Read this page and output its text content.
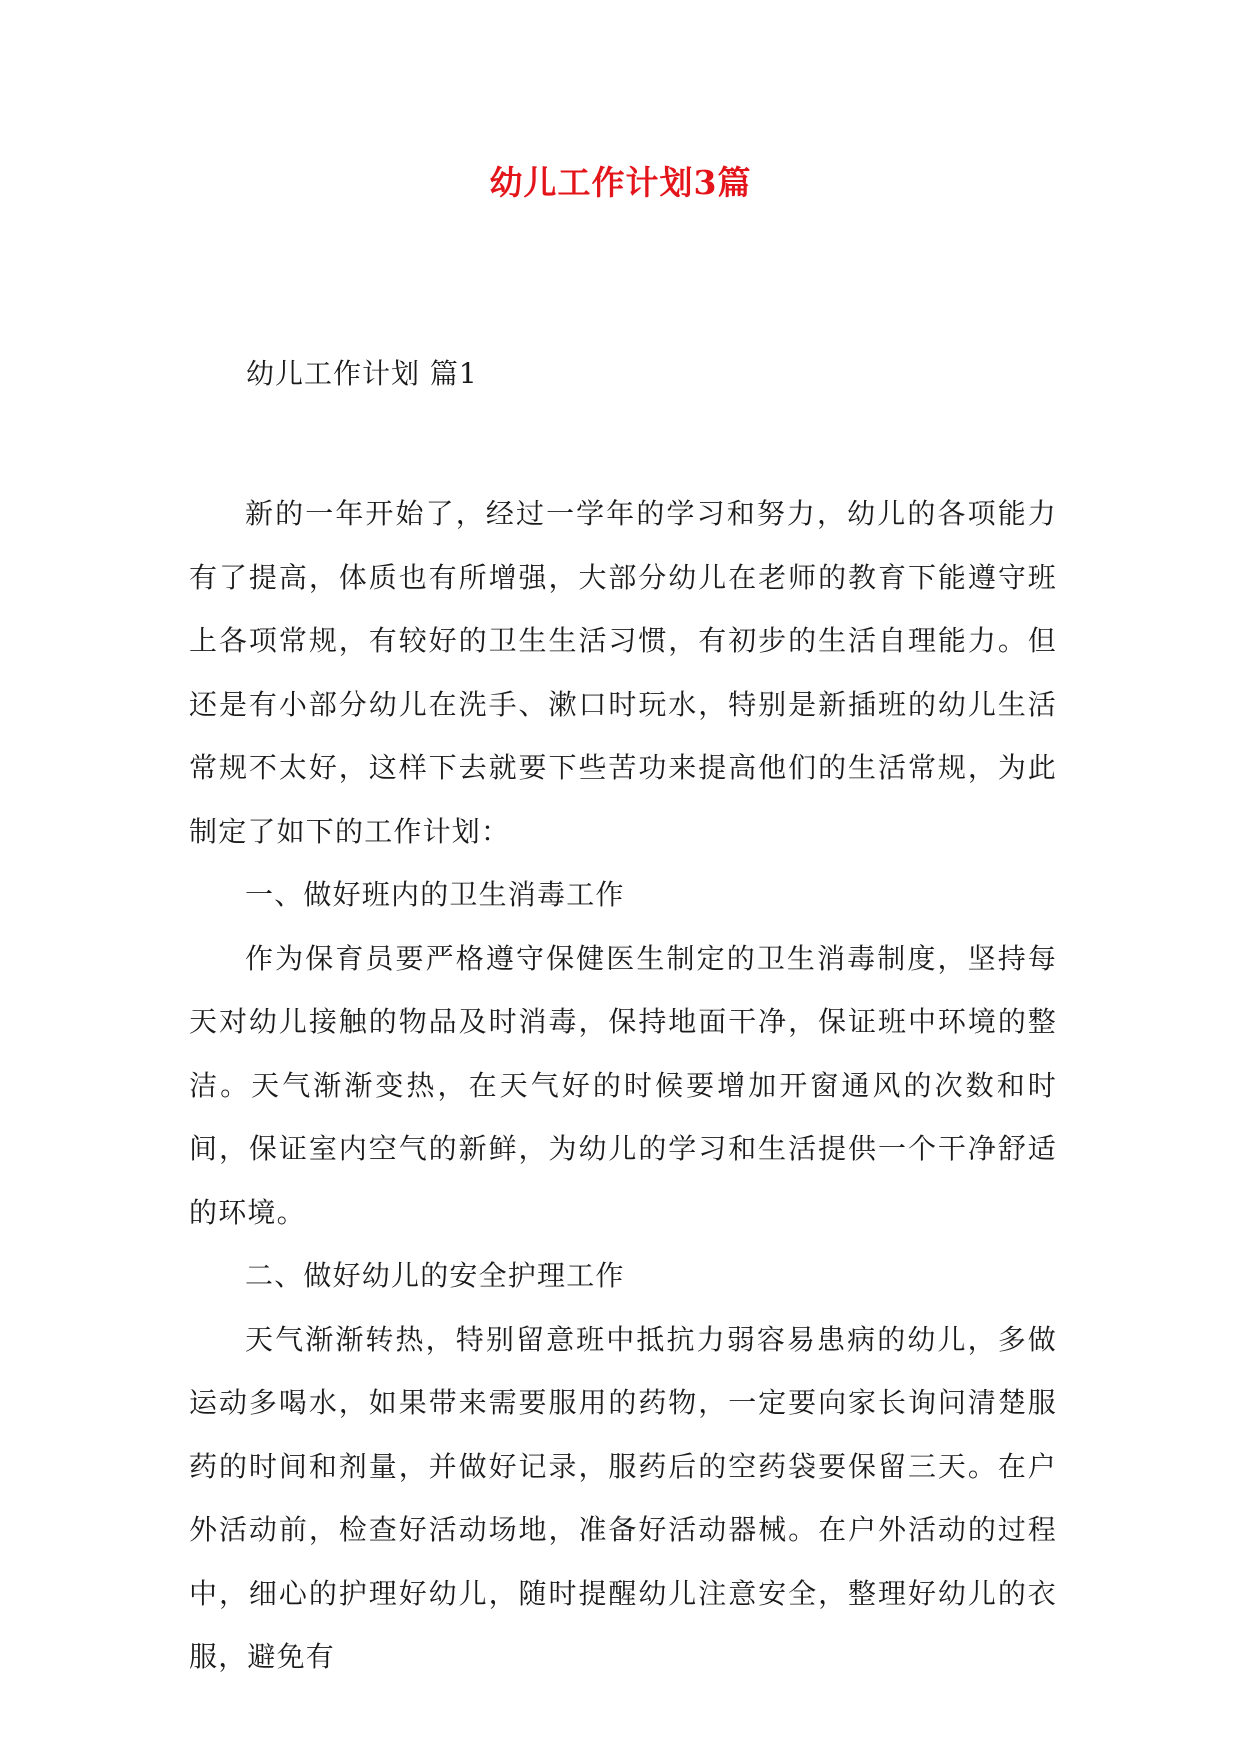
幼儿工作计划3篇
幼儿工作计划 篇1

新的一年开始了，经过一学年的学习和努力，幼儿的各项能力有了提高，体质也有所增强，大部分幼儿在老师的教育下能遵守班上各项常规，有较好的卫生生活习惯，有初步的生活自理能力。但还是有小部分幼儿在洗手、漱口时玩水，特别是新插班的幼儿生活常规不太好，这样下去就要下些苦功来提高他们的生活常规，为此制定了如下的工作计划：

一、做好班内的卫生消毒工作

作为保育员要严格遵守保健医生制定的卫生消毒制度，坚持每天对幼儿接触的物品及时消毒，保持地面干净，保证班中环境的整洁。天气渐渐变热，在天气好的时候要增加开窗通风的次数和时间，保证室内空气的新鲜，为幼儿的学习和生活提供一个干净舒适的环境。

二、做好幼儿的安全护理工作

天气渐渐转热，特别留意班中抵抗力弱容易患病的幼儿，多做运动多喝水，如果带来需要服用的药物，一定要向家长询问清楚服药的时间和剂量，并做好记录，服药后的空药袋要保留三天。在户外活动前，检查好活动场地，准备好活动器械。在户外活动的过程中，细心的护理好幼儿，随时提醒幼儿注意安全，整理好幼儿的衣服，避免有
